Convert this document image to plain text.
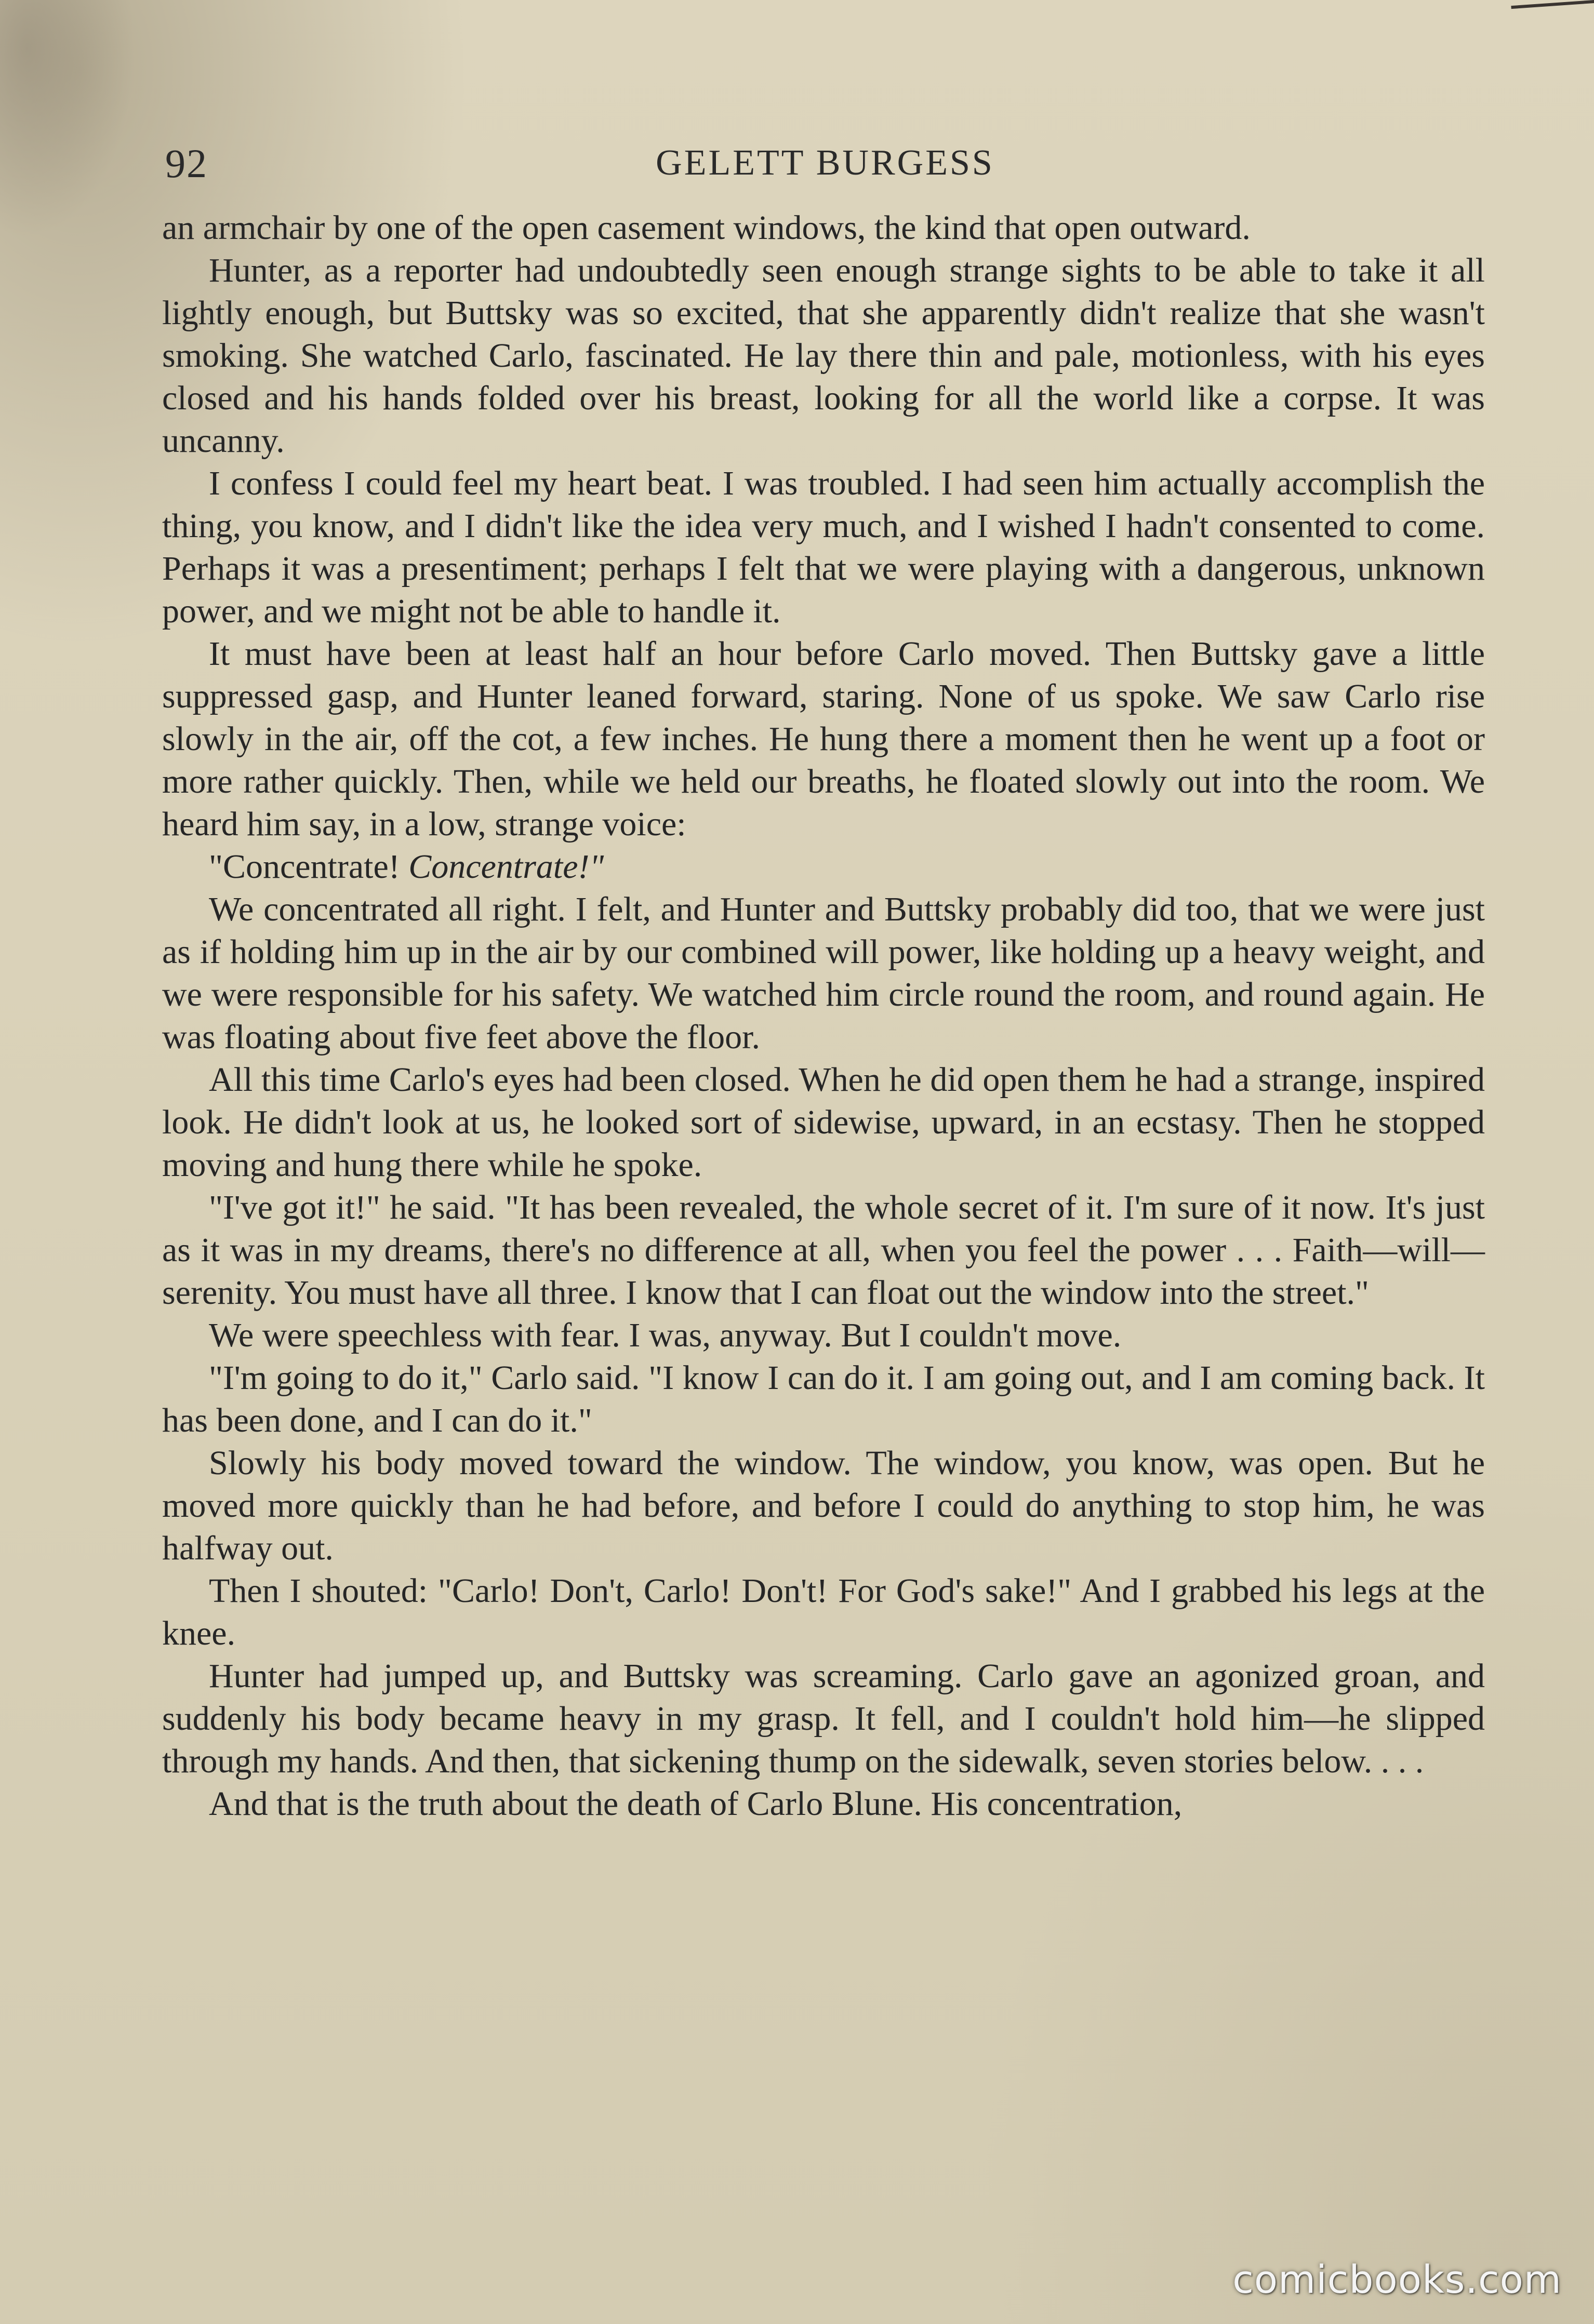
92	GELETT BURGESS

an armchair by one of the open casement windows, the kind that open outward.

Hunter, as a reporter had undoubtedly seen enough strange sights to be able to take it all lightly enough, but Buttsky was so excited, that she apparently didn't realize that she wasn't smoking. She watched Carlo, fascinated. He lay there thin and pale, motionless, with his eyes closed and his hands folded over his breast, looking for all the world like a corpse. It was uncanny.

I confess I could feel my heart beat. I was troubled. I had seen him actually accomplish the thing, you know, and I didn't like the idea very much, and I wished I hadn't consented to come. Perhaps it was a presentiment; perhaps I felt that we were playing with a dangerous, unknown power, and we might not be able to handle it.

It must have been at least half an hour before Carlo moved. Then Buttsky gave a little suppressed gasp, and Hunter leaned forward, staring. None of us spoke. We saw Carlo rise slowly in the air, off the cot, a few inches. He hung there a moment then he went up a foot or more rather quickly. Then, while we held our breaths, he floated slowly out into the room. We heard him say, in a low, strange voice:

"Concentrate! Concentrate!"

We concentrated all right. I felt, and Hunter and Buttsky probably did too, that we were just as if holding him up in the air by our combined will power, like holding up a heavy weight, and we were responsible for his safety. We watched him circle round the room, and round again. He was floating about five feet above the floor.

All this time Carlo's eyes had been closed. When he did open them he had a strange, inspired look. He didn't look at us, he looked sort of sidewise, upward, in an ecstasy. Then he stopped moving and hung there while he spoke.

"I've got it!" he said. "It has been revealed, the whole secret of it. I'm sure of it now. It's just as it was in my dreams, there's no difference at all, when you feel the power . . . Faith—will—serenity. You must have all three. I know that I can float out the window into the street."

We were speechless with fear. I was, anyway. But I couldn't move.

"I'm going to do it," Carlo said. "I know I can do it. I am going out, and I am coming back. It has been done, and I can do it."

Slowly his body moved toward the window. The window, you know, was open. But he moved more quickly than he had before, and before I could do anything to stop him, he was halfway out.

Then I shouted: "Carlo! Don't, Carlo! Don't! For God's sake!" And I grabbed his legs at the knee.

Hunter had jumped up, and Buttsky was screaming. Carlo gave an agonized groan, and suddenly his body became heavy in my grasp. It fell, and I couldn't hold him—he slipped through my hands. And then, that sickening thump on the sidewalk, seven stories below. . . .

And that is the truth about the death of Carlo Blune. His concentration,

comicbooks.com
